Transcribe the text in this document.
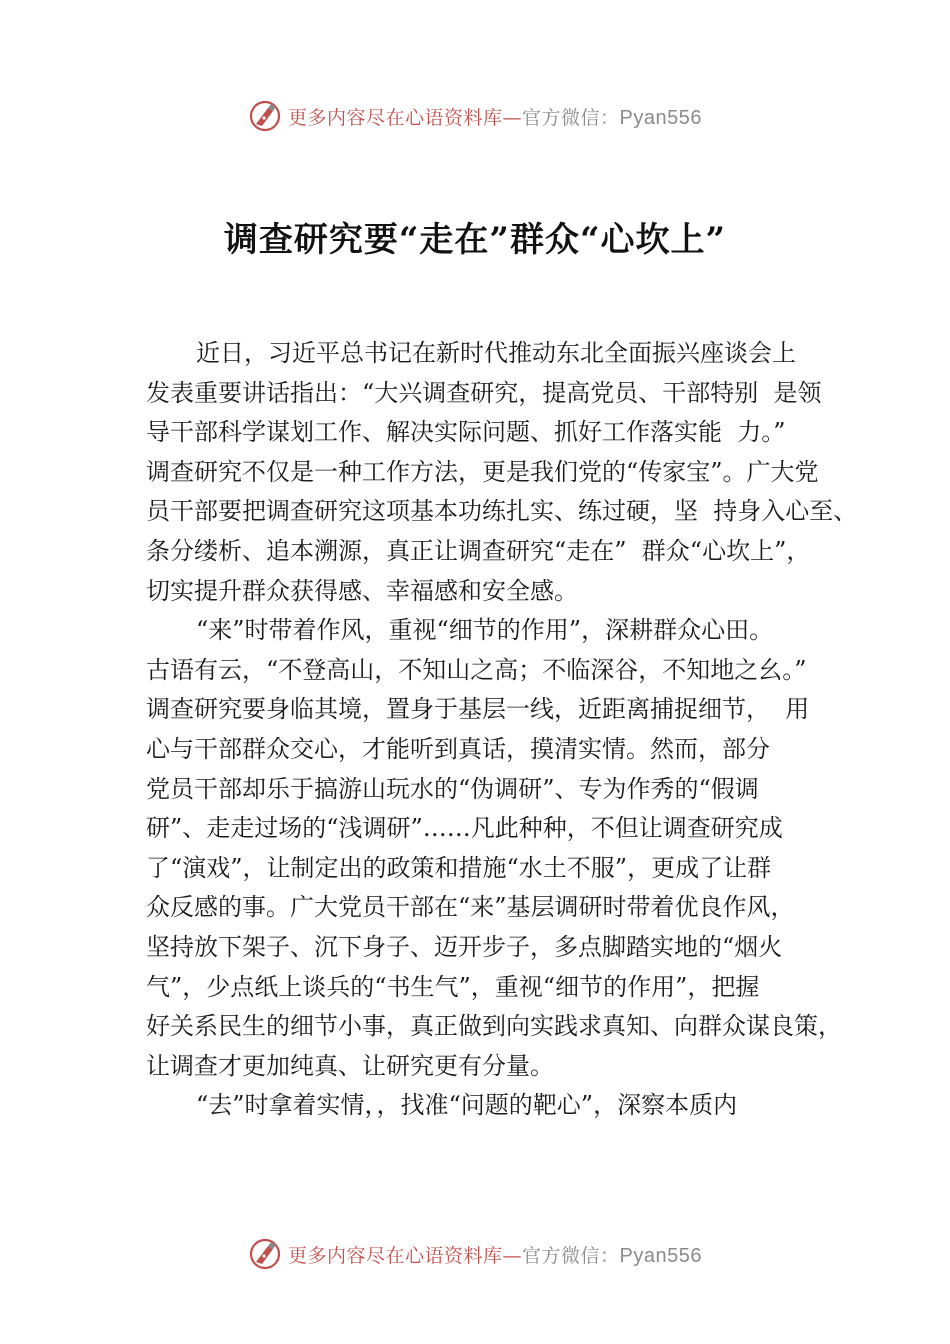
更多内容尽在心语资料库—官方微信：Pyan556
调查研究要“走在”群众“心坎上”
近日，习近平总书记在新时代推动东北全面振兴座谈会上
发表重要讲话指出：“大兴调查研究，提高党员、干部特别  是领
导干部科学谋划工作、解决实际问题、抓好工作落实能  力。”
调查研究不仅是一种工作方法，更是我们党的“传家宝”。广大党
员干部要把调查研究这项基本功练扎实、练过硬，坚  持身入心至、
条分缕析、追本溯源，真正让调查研究“走在”  群众“心坎上”，
切实提升群众获得感、幸福感和安全感。
“来”时带着作风，重视“细节的作用”，深耕群众心田。
古语有云，“不登高山，不知山之高；不临深谷，不知地之⺓。”
调查研究要身临其境，置身于基层一线，近距离捕捉细节，  用
心与干部群众交心，才能听到真话，摸清实情。然而，部分
党员干部却乐于搞游山玩水的“伪调研”、专为作秀的“假调
研”、走走过场的“浅调研”……凡此种种，不但让调查研究成
了“演戏”，让制定出的政策和措施“水土不服”，更成了让群
众反感的事。广大党员干部在“来”基层调研时带着优良作风，
坚持放下架子、沉下身子、迈开步子，多点脚踏实地的“烟火
气”，少点纸上谈兵的“书生气”，重视“细节的作用”，把握
好关系民生的细节小事，真正做到向实践求真知、向群众谋良策，
让调查才更加纯真、让研究更有分量。
“去”时拿着实情，，找准“问题的靶心”，深察本质内
更多内容尽在心语资料库—官方微信：Pyan556
